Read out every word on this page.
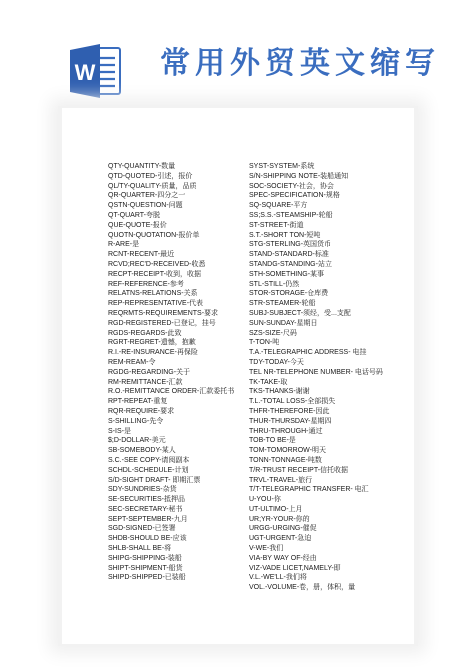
W 常用外贸英文缩写
QTY-QUANTITY-数量
QTD-QUOTED-引述，报价
QL/TY-QUALITY-质量，品质
QR-QUARTER-四分之一
QSTN-QUESTION-问题
QT-QUART-夸脱
QUE-QUOTE-报价
QUOTN-QUOTATION-报价单
R-ARE-是
RCNT-RECENT-最近
RCVD;REC'D-RECEIVED-收悉
RECPT-RECEIPT-收到，收据
REF-REFERENCE-参考
RELATNS-RELATIONS-关系
REP-REPRESENTATIVE-代表
REQRMTS-REQUIREMENTS-要求
RGD-REGISTERED-已登记，挂号
RGDS-REGARDS-此致
RGRT-REGRET-遗憾，抱歉
R.I.-RE-INSURANCE-再保险
REM-REAM-令
RGDG-REGARDING-关于
RM-REMITTANCE-汇款
R.O.-REMITTANCE ORDER-汇款委托书
RPT-REPEAT-重复
RQR-REQUIRE-要求
S-SHILLING-先令
S-IS-是
$;D-DOLLAR-美元
SB-SOMEBODY-某人
S.C.-SEE COPY-请阅副本
SCHDL-SCHEDULE-计划
S/D-SIGHT DRAFT- 即期汇票
SDY-SUNDRIES-杂货
SE-SECURITIES-抵押品
SEC-SECRETARY-秘书
SEPT-SEPTEMBER-九月
SGD-SIGNED-已签署
SHDB-SHOULD BE-应该
SHLB-SHALL BE-将
SHIPG-SHIPPING-装船
SHIPT-SHIPMENT-船货
SHIPD-SHIPPED-已装船
SYST-SYSTEM-系统
S/N-SHIPPING NOTE-装船通知
SOC-SOCIETY-社会，协会
SPEC-SPECIFICATION-规格
SQ-SQUARE-平方
SS;S.S.-STEAMSHIP-轮船
ST-STREET-街道
S.T.-SHORT TON-短吨
STG-STERLING-英国货币
STAND-STANDARD-标准
STANDG-STANDING-站立
STH-SOMETHING-某事
STL-STILL-仍然
STOR-STORAGE-仓库费
STR-STEAMER-轮船
SUBJ-SUBJECT-须经，受...支配
SUN-SUNDAY-星期日
SZS-SIZE-尺码
T-TON-吨
T.A.-TELEGRAPHIC ADDRESS- 电挂
TDY-TODAY-今天
TEL NR-TELEPHONE NUMBER- 电话号码
TK-TAKE-取
TKS-THANKS-谢谢
T.L.-TOTAL LOSS-全部损失
THFR-THEREFORE-因此
THUR-THURSDAY-星期四
THRU-THROUGH-通过
TOB-TO BE-是
TOM-TOMORROW-明天
TONN-TONNAGE-吨数
T/R-TRUST RECEIPT-信托收据
TRVL-TRAVEL-旅行
T/T-TELEGRAPHIC TRANSFER- 电汇
U-YOU-你
UT-ULTIMO-上月
UR;YR-YOUR-你的
URGG-URGING-催促
UGT-URGENT-急迫
V-WE-我们
VIA-BY WAY OF-经由
VIZ-VADE LICET,NAMELY-即
V.L.-WE'LL-我们将
VOL.-VOLUME-卷，册，体积，量
